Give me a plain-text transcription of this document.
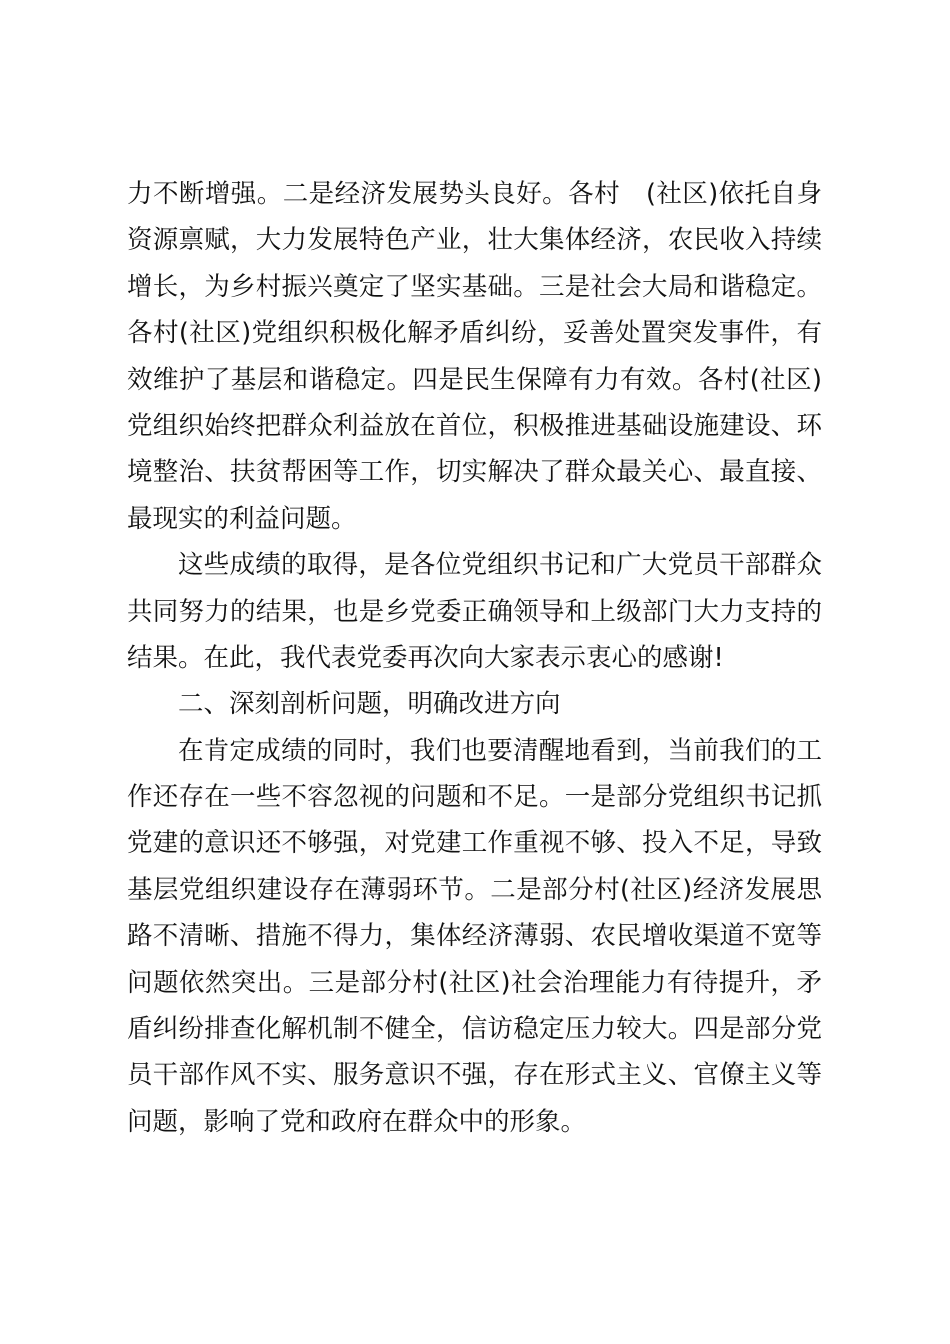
力不断增强。二是经济发展势头良好。各村　(社区)依托自身
资源禀赋，大力发展特色产业，壮大集体经济，农民收入持续
增长，为乡村振兴奠定了坚实基础。三是社会大局和谐稳定。
各村(社区)党组织积极化解矛盾纠纷，妥善处置突发事件，有
效维护了基层和谐稳定。四是民生保障有力有效。各村(社区)
党组织始终把群众利益放在首位，积极推进基础设施建设、环
境整治、扶贫帮困等工作，切实解决了群众最关心、最直接、
最现实的利益问题。
这些成绩的取得，是各位党组织书记和广大党员干部群众
共同努力的结果，也是乡党委正确领导和上级部门大力支持的
结果。在此，我代表党委再次向大家表示衷心的感谢!
二、深刻剖析问题，明确改进方向
在肯定成绩的同时，我们也要清醒地看到，当前我们的工
作还存在一些不容忽视的问题和不足。一是部分党组织书记抓
党建的意识还不够强，对党建工作重视不够、投入不足，导致
基层党组织建设存在薄弱环节。二是部分村(社区)经济发展思
路不清晰、措施不得力，集体经济薄弱、农民增收渠道不宽等
问题依然突出。三是部分村(社区)社会治理能力有待提升，矛
盾纠纷排查化解机制不健全，信访稳定压力较大。四是部分党
员干部作风不实、服务意识不强，存在形式主义、官僚主义等
问题，影响了党和政府在群众中的形象。
